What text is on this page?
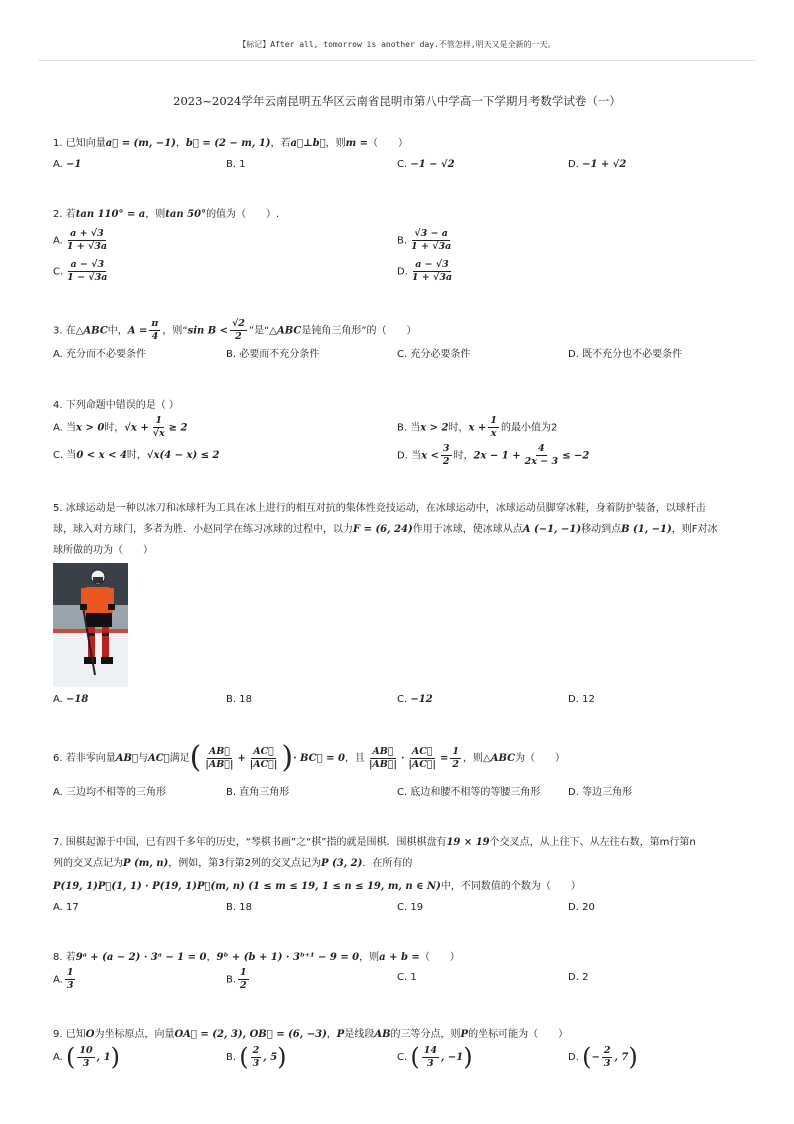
【标记】After all, tomorrow is another day.不管怎样,明天又是全新的一天。
2023~2024学年云南昆明五华区云南省昆明市第八中学高一下学期月考数学试卷（一）
1. 已知向量a⃗ = (m, −1)，b⃗ = (2 − m, 1)，若a⃗⊥b⃗，则m =（　　）
A. −1	B. 1	C. −1 − √2	D. −1 + √2
2. 若tan 110° = a，则tan 50°的值为（　　）.
A. $\frac{a + √3}{1 + √3a}$	B. $\frac{√3 - a}{1 + √3a}$
C. $\frac{a - √3}{1 - √3a}$	D. $\frac{a - √3}{1 + √3a}$
3. 在△ABC中，$A = \frac{\pi}{4}$ ，则“sin $B < \frac{√2}{2}$ ”是“△ABC是钝角三角形”的（　　）
A. 充分而不必要条件	B. 必要而不充分条件	C. 充分必要条件	D. 既不充分也不必要条件
4. 下列命题中错误的是（ ）
A. 当x > 0时，$√x + \frac{1}{√x} \ge 2$	B. 当x > 2时，$x + \frac{1}{x}$ 的最小值为2
C. 当0 < x < 4时，√x(4 − x) ≤ 2	D. 当$x < \frac{3}{2}$ 时，$2x - 1 + \frac{4}{2x - 3} \le -2$
5. 冰球运动是一种以冰刀和冰球杆为工具在冰上进行的相互对抗的集体性竞技运动，在冰球运动中，冰球运动员脚穿冰鞋，身着防护装备，以球杆击
球，球入对方球门，多者为胜．小赵同学在练习冰球的过程中，以力F = (6, 24)作用于冰球，使冰球从点A (−1, −1)移动到点B (1, −1)，则F对冰
球所做的功为（　　）
A. −18	B. 18	C. −12	D. 12
6. 若非零向量AB⃗与AC⃗满足( $\frac{AB⃗}{|AB⃗|} + \frac{AC⃗}{|AC⃗|}$ )· BC⃗ = 0，且 $\frac{AB⃗}{|AB⃗|} \cdot \frac{AC⃗}{|AC⃗|} = \frac{1}{2}$ ，则△ABC为（　　）
A. 三边均不相等的三角形	B. 直角三角形	C. 底边和腰不相等的等腰三角形	D. 等边三角形
7. 围棋起源于中国，已有四千多年的历史，“琴棋书画”之“棋”指的就是围棋．围棋棋盘有19 × 19个交叉点，从上往下、从左往右数，第m行第n
列的交叉点记为P (m, n)，例如，第3行第2列的交叉点记为P (3, 2)．在所有的
P(19, 1)P⃗(1, 1) · P(19, 1)P⃗(m, n) (1 ≤ m ≤ 19, 1 ≤ n ≤ 19, m, n ∈ N)中，不同数值的个数为（　　）
A. 17	B. 18	C. 19	D. 20
8. 若9ᵃ + (a − 2) · 3ᵃ − 1 = 0，9ᵇ + (b + 1) · 3ᵇ⁺¹ − 9 = 0，则a + b =（　　）
A. $\frac{1}{3}$	B. $\frac{1}{2}$	C. 1	D. 2
9. 已知O为坐标原点，向量OA⃗ = (2, 3), OB⃗ = (6, −3)，P是线段AB的三等分点，则P的坐标可能为（　　）
A. ( $\frac{10}{3}$ , 1)	B. ( $\frac{2}{3}$ , 5)	C. ( $\frac{14}{3}$ , −1)	D. (− $\frac{2}{3}$ , 7)
